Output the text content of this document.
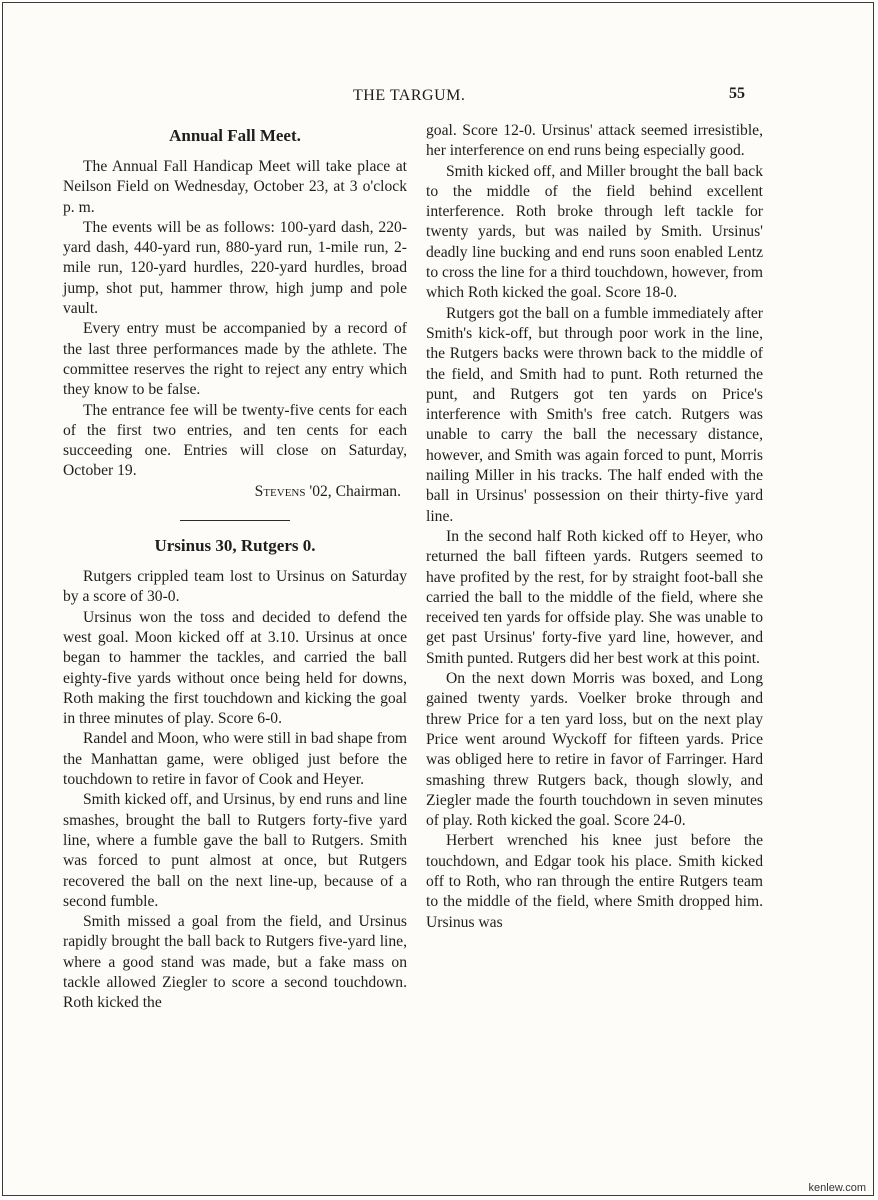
THE TARGUM.	55
Annual Fall Meet.

The Annual Fall Handicap Meet will take place at Neilson Field on Wednesday, October 23, at 3 o'clock p. m.

The events will be as follows: 100-yard dash, 220-yard dash, 440-yard run, 880-yard run, 1-mile run, 2-mile run, 120-yard hurdles, 220-yard hurdles, broad jump, shot put, hammer throw, high jump and pole vault.

Every entry must be accompanied by a record of the last three performances made by the athlete. The committee reserves the right to reject any entry which they know to be false.

The entrance fee will be twenty-five cents for each of the first two entries, and ten cents for each succeeding one. Entries will close on Saturday, October 19.

Stevens '02, Chairman.

Ursinus 30, Rutgers 0.

Rutgers crippled team lost to Ursinus on Saturday by a score of 30-0.

Ursinus won the toss and decided to defend the west goal. Moon kicked off at 3.10. Ursinus at once began to hammer the tackles, and carried the ball eighty-five yards without once being held for downs, Roth making the first touchdown and kicking the goal in three minutes of play. Score 6-0.

Randel and Moon, who were still in bad shape from the Manhattan game, were obliged just before the touchdown to retire in favor of Cook and Heyer.

Smith kicked off, and Ursinus, by end runs and line smashes, brought the ball to Rutgers forty-five yard line, where a fumble gave the ball to Rutgers. Smith was forced to punt almost at once, but Rutgers recovered the ball on the next line-up, because of a second fumble.

Smith missed a goal from the field, and Ursinus rapidly brought the ball back to Rutgers five-yard line, where a good stand was made, but a fake mass on tackle allowed Ziegler to score a second touchdown. Roth kicked the

goal. Score 12-0. Ursinus' attack seemed irresistible, her interference on end runs being especially good.

Smith kicked off, and Miller brought the ball back to the middle of the field behind excellent interference. Roth broke through left tackle for twenty yards, but was nailed by Smith. Ursinus' deadly line bucking and end runs soon enabled Lentz to cross the line for a third touchdown, however, from which Roth kicked the goal. Score 18-0.

Rutgers got the ball on a fumble immediately after Smith's kick-off, but through poor work in the line, the Rutgers backs were thrown back to the middle of the field, and Smith had to punt. Roth returned the punt, and Rutgers got ten yards on Price's interference with Smith's free catch. Rutgers was unable to carry the ball the necessary distance, however, and Smith was again forced to punt, Morris nailing Miller in his tracks. The half ended with the ball in Ursinus' possession on their thirty-five yard line.

In the second half Roth kicked off to Heyer, who returned the ball fifteen yards. Rutgers seemed to have profited by the rest, for by straight foot-ball she carried the ball to the middle of the field, where she received ten yards for offside play. She was unable to get past Ursinus' forty-five yard line, however, and Smith punted. Rutgers did her best work at this point.

On the next down Morris was boxed, and Long gained twenty yards. Voelker broke through and threw Price for a ten yard loss, but on the next play Price went around Wyckoff for fifteen yards. Price was obliged here to retire in favor of Farringer. Hard smashing threw Rutgers back, though slowly, and Ziegler made the fourth touchdown in seven minutes of play. Roth kicked the goal. Score 24-0.

Herbert wrenched his knee just before the touchdown, and Edgar took his place. Smith kicked off to Roth, who ran through the entire Rutgers team to the middle of the field, where Smith dropped him. Ursinus was

kenlew.com
